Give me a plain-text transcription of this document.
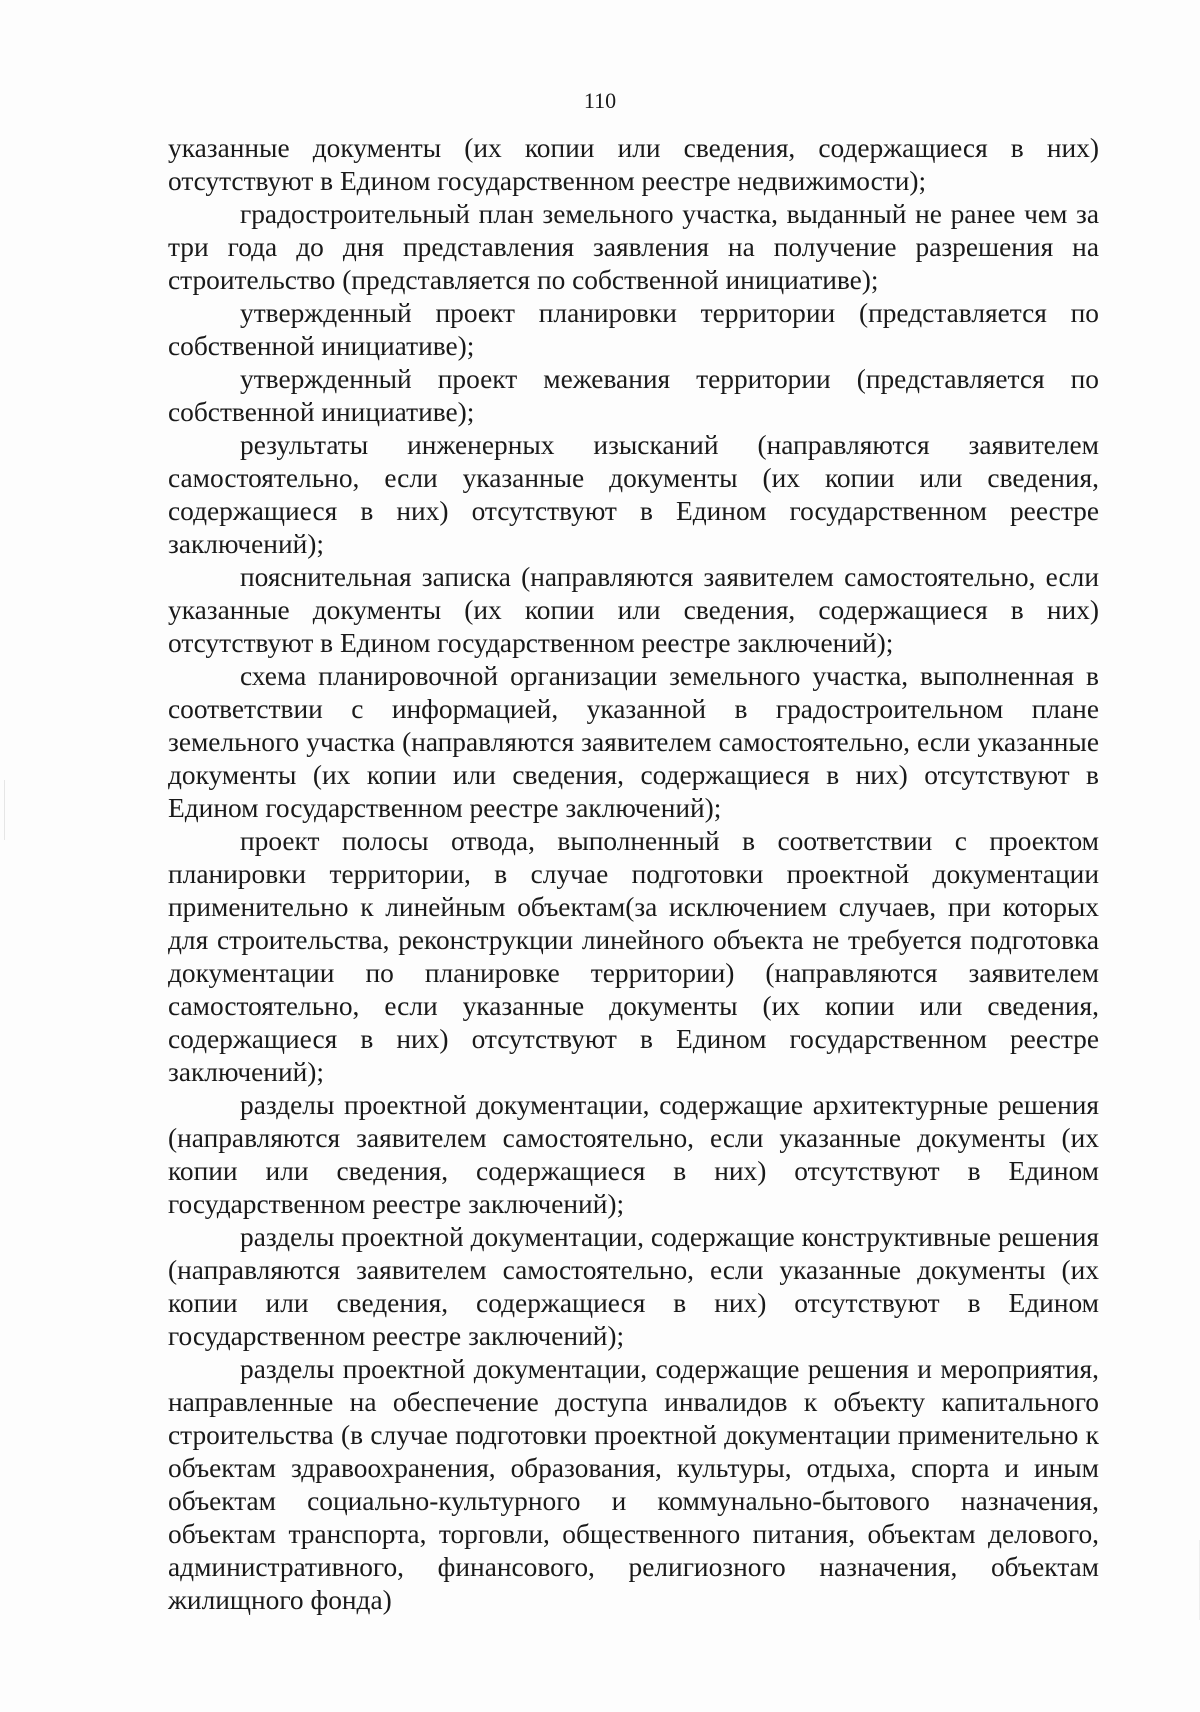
110

указанные документы (их копии или сведения, содержащиеся в них) отсутствуют в Едином государственном реестре недвижимости);

градостроительный план земельного участка, выданный не ранее чем за три года до дня представления заявления на получение разрешения на строительство (представляется по собственной инициативе);

утвержденный проект планировки территории (представляется по собственной инициативе);

утвержденный проект межевания территории (представляется по собственной инициативе);

результаты инженерных изысканий (направляются заявителем самостоятельно, если указанные документы (их копии или сведения, содержащиеся в них) отсутствуют в Едином государственном реестре заключений);

пояснительная записка (направляются заявителем самостоятельно, если указанные документы (их копии или сведения, содержащиеся в них) отсутствуют в Едином государственном реестре заключений);

схема планировочной организации земельного участка, выполненная в соответствии с информацией, указанной в градостроительном плане земельного участка (направляются заявителем самостоятельно, если указанные документы (их копии или сведения, содержащиеся в них) отсутствуют в Едином государственном реестре заключений);

проект полосы отвода, выполненный в соответствии с проектом планировки территории, в случае подготовки проектной документации применительно к линейным объектам(за исключением случаев, при которых для строительства, реконструкции линейного объекта не требуется подготовка документации по планировке территории) (направляются заявителем самостоятельно, если указанные документы (их копии или сведения, содержащиеся в них) отсутствуют в Едином государственном реестре заключений);

разделы проектной документации, содержащие архитектурные решения (направляются заявителем самостоятельно, если указанные документы (их копии или сведения, содержащиеся в них) отсутствуют в Едином государственном реестре заключений);

разделы проектной документации, содержащие конструктивные решения (направляются заявителем самостоятельно, если указанные документы (их копии или сведения, содержащиеся в них) отсутствуют в Едином государственном реестре заключений);

разделы проектной документации, содержащие решения и мероприятия, направленные на обеспечение доступа инвалидов к объекту капитального строительства (в случае подготовки проектной документации применительно к объектам здравоохранения, образования, культуры, отдыха, спорта и иным объектам социально-культурного и коммунально-бытового назначения, объектам транспорта, торговли, общественного питания, объектам делового, административного, финансового, религиозного назначения, объектам жилищного фонда)
